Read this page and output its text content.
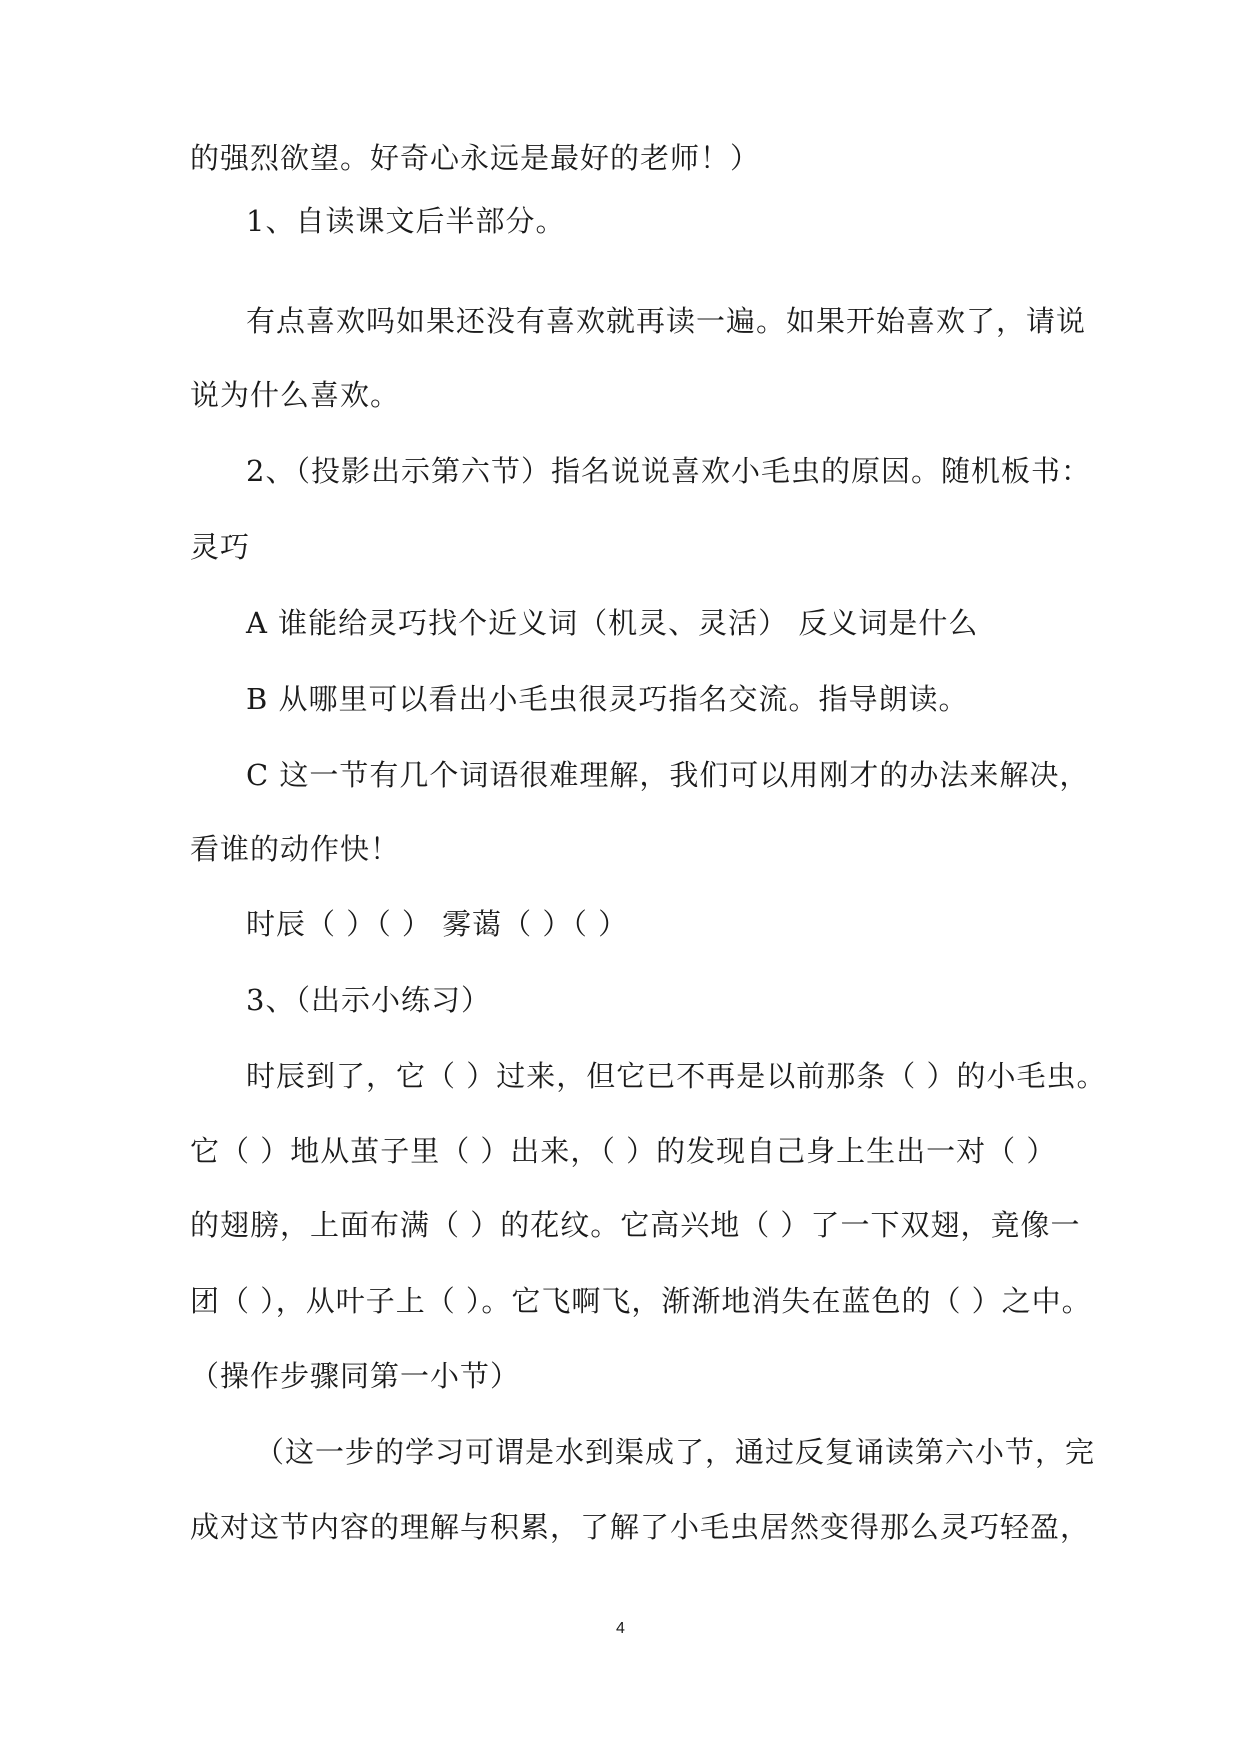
的强烈欲望。好奇心永远是最好的老师！）
1、自读课文后半部分。
有点喜欢吗如果还没有喜欢就再读一遍。如果开始喜欢了，请说
说为什么喜欢。
2、（投影出示第六节）指名说说喜欢小毛虫的原因。随机板书：
灵巧
A 谁能给灵巧找个近义词（机灵、灵活） 反义词是什么
B 从哪里可以看出小毛虫很灵巧指名交流。指导朗读。
C 这一节有几个词语很难理解，我们可以用刚才的办法来解决，
看谁的动作快！
时辰（ ）（ ） 雾蔼（ ）（ ）
3、（出示小练习）
时辰到了，它（ ）过来，但它已不再是以前那条（ ）的小毛虫。
它（ ）地从茧子里（ ）出来，（ ）的发现自己身上生出一对（ ）
的翅膀，上面布满（ ）的花纹。它高兴地（ ）了一下双翅，竟像一
团（ ），从叶子上（ ）。它飞啊飞，渐渐地消失在蓝色的（ ）之中。
（操作步骤同第一小节）
（这一步的学习可谓是水到渠成了，通过反复诵读第六小节，完
成对这节内容的理解与积累，了解了小毛虫居然变得那么灵巧轻盈，
4
